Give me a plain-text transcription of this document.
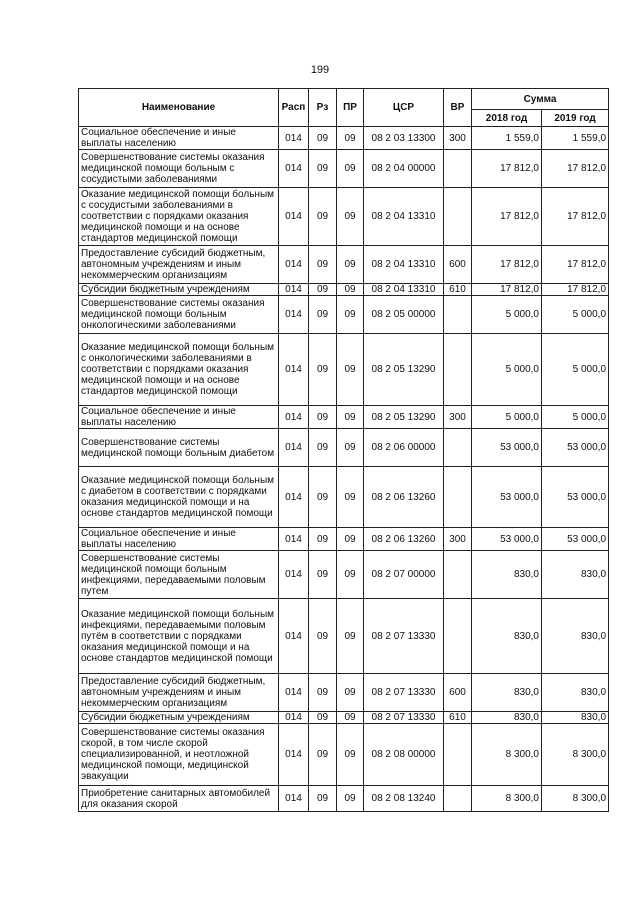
199
Наименование	Расп	Рз	ПР	ЦСР	ВР	Сумма	
						2018 год	2019 год
Социальное обеспечение и иные выплаты населению	014	09	09	08 2 03 13300	300	1 559,0	1 559,0
Совершенствование системы оказания медицинской помощи больным с сосудистыми заболеваниями	014	09	09	08 2 04 00000		17 812,0	17 812,0
Оказание медицинской помощи больным с сосудистыми заболеваниями в соответствии с порядками оказания медицинской помощи и на основе стандартов медицинской помощи	014	09	09	08 2 04 13310		17 812,0	17 812,0
Предоставление субсидий бюджетным, автономным учреждениям и иным некоммерческим организациям	014	09	09	08 2 04 13310	600	17 812,0	17 812,0
Субсидии бюджетным учреждениям	014	09	09	08 2 04 13310	610	17 812,0	17 812,0
Совершенствование системы оказания медицинской помощи больным онкологическими заболеваниями	014	09	09	08 2 05 00000		5 000,0	5 000,0
Оказание медицинской помощи больным с онкологическими заболеваниями в соответствии с порядками оказания медицинской помощи и на основе стандартов медицинской помощи	014	09	09	08 2 05 13290		5 000,0	5 000,0
Социальное обеспечение и иные выплаты населению	014	09	09	08 2 05 13290	300	5 000,0	5 000,0
Совершенствование системы медицинской помощи больным диабетом	014	09	09	08 2 06 00000		53 000,0	53 000,0
Оказание медицинской помощи больным с диабетом в соответствии с порядками оказания медицинской помощи и на основе стандартов медицинской помощи	014	09	09	08 2 06 13260		53 000,0	53 000,0
Социальное обеспечение и иные выплаты населению	014	09	09	08 2 06 13260	300	53 000,0	53 000,0
Совершенствование системы медицинской помощи больным инфекциями, передаваемыми половым путем	014	09	09	08 2 07 00000		830,0	830,0
Оказание медицинской помощи больным инфекциями, передаваемыми половым путём в соответствии с порядками оказания медицинской помощи и на основе стандартов медицинской помощи	014	09	09	08 2 07 13330		830,0	830,0
Предоставление субсидий бюджетным, автономным учреждениям и иным некоммерческим организациям	014	09	09	08 2 07 13330	600	830,0	830,0
Субсидии бюджетным учреждениям	014	09	09	08 2 07 13330	610	830,0	830,0
Совершенствование системы оказания скорой, в том числе скорой специализированной, и неотложной медицинской помощи, медицинской эвакуации	014	09	09	08 2 08 00000		8 300,0	8 300,0
Приобретение санитарных автомобилей для оказания скорой	014	09	09	08 2 08 13240		8 300,0	8 300,0
